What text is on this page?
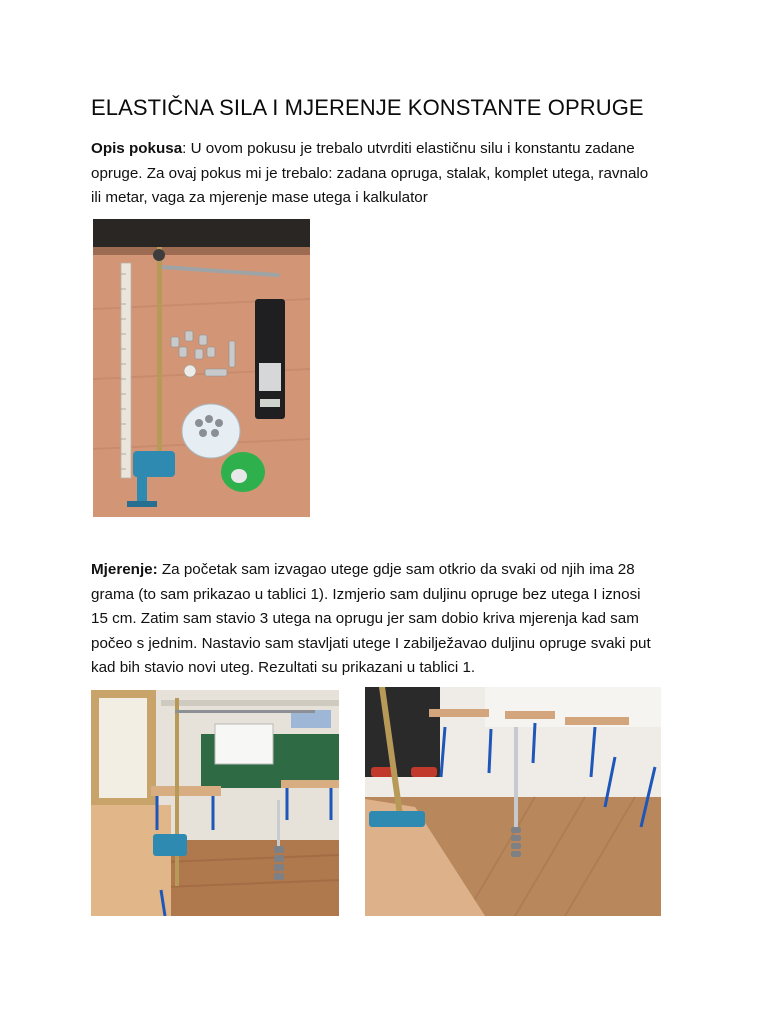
ELASTIČNA SILA I MJERENJE KONSTANTE OPRUGE

Opis pokusa: U ovom pokusu je trebalo utvrditi elastičnu silu i konstantu zadane
opruge. Za ovaj pokus mi je trebalo: zadana opruga, stalak, komplet utega, ravnalo
ili metar, vaga za mjerenje mase utega i kalkulator

Mjerenje: Za početak sam izvagao utege gdje sam otkrio da svaki od njih ima 28
grama (to sam prikazao u tablici 1). Izmjerio sam duljinu opruge bez utega I iznosi
15 cm. Zatim sam stavio 3 utega na oprugu jer sam dobio kriva mjerenja kad sam
počeo s jednim. Nastavio sam stavljati utege I zabilježavao duljinu opruge svaki put
kad bih stavio novi uteg. Rezultati su prikazani u tablici 1.
